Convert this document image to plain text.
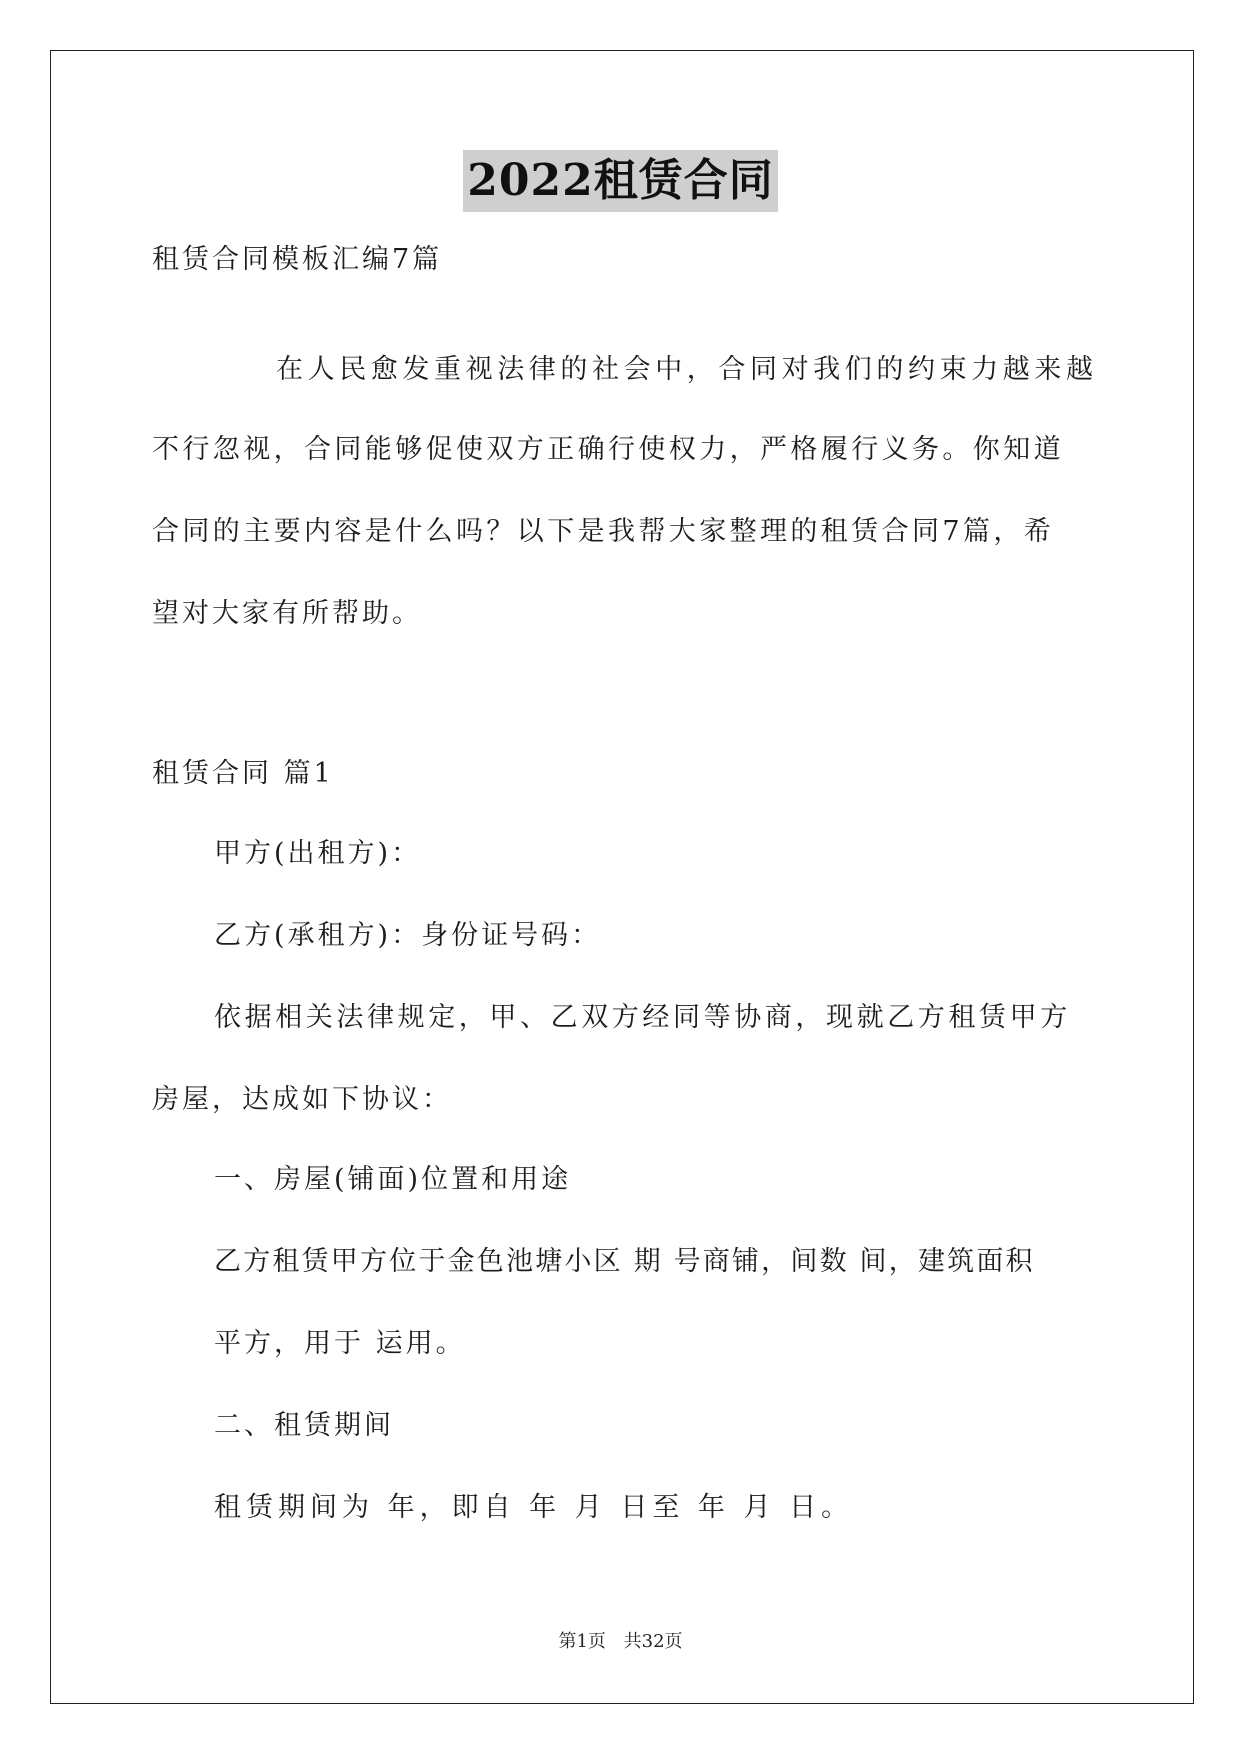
2022租赁合同
租赁合同模板汇编7篇
在人民愈发重视法律的社会中，合同对我们的约束力越来越
不行忽视，合同能够促使双方正确行使权力，严格履行义务。你知道
合同的主要内容是什么吗？以下是我帮大家整理的租赁合同7篇，希
望对大家有所帮助。
租赁合同 篇1
甲方(出租方)：
乙方(承租方)：身份证号码：
依据相关法律规定，甲、乙双方经同等协商，现就乙方租赁甲方
房屋，达成如下协议：
一、房屋(铺面)位置和用途
乙方租赁甲方位于金色池塘小区 期 号商铺，间数 间，建筑面积
平方，用于 运用。
二、租赁期间
租赁期间为 年，即自 年 月 日至 年 月 日。
第1页 共32页
